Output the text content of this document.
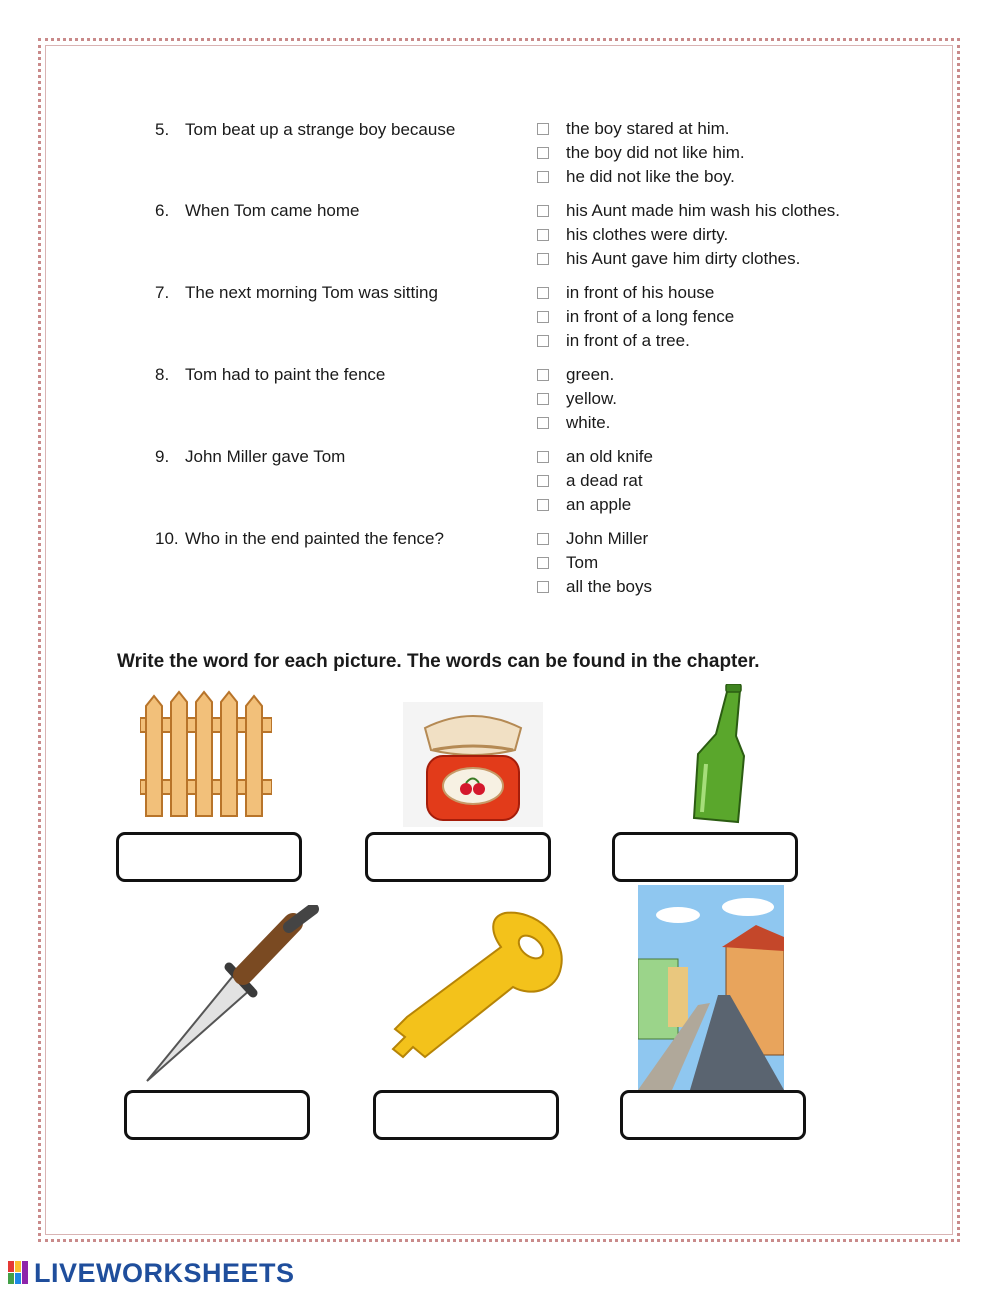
5. Tom beat up a strange boy because	the boy stared at him.
the boy did not like him.
he did not like the boy.
6. When Tom came home	his Aunt made him wash his clothes.
his clothes were dirty.
his Aunt gave him dirty clothes.
7. The next morning Tom was sitting	in front of his house
in front of a long fence
in front of a tree.
8. Tom had to paint the fence	green.
yellow.
white.
9. John Miller gave Tom	an old knife
a dead rat
an apple
10. Who in the end painted the fence?	John Miller
Tom
all the boys
Write the word for each picture. The words can be found in the chapter.
LIVEWORKSHEETS
